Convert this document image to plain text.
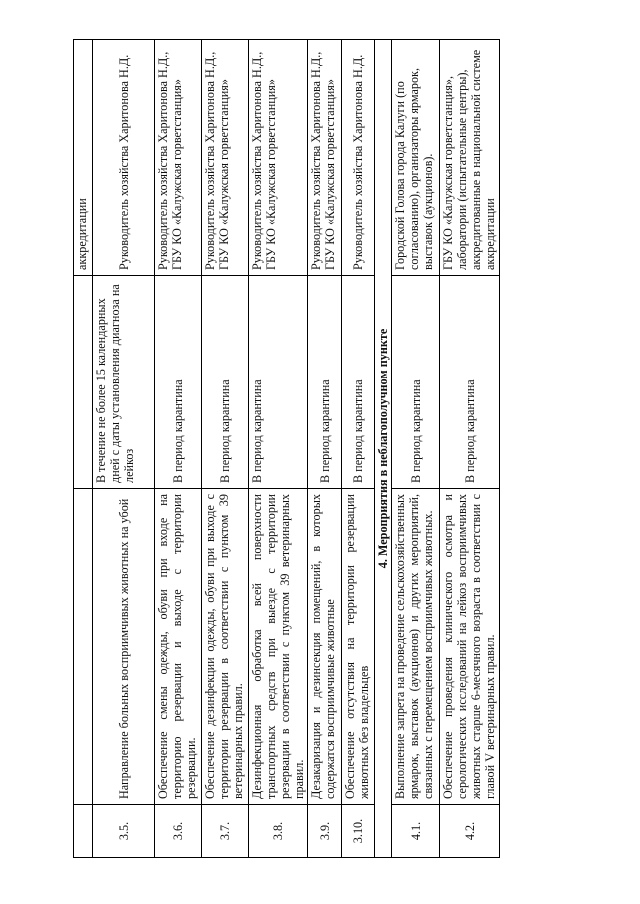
			аккредитации
3.5.	Направление больных восприимчивых животных на убой	В течение не более 15 календарных дней с даты установления диагноза на лейкоз	Руководитель хозяйства Харитонова Н.Д.
3.6.	Обеспечение смены одежды, обуви при входе на территорию резервации и выходе с территории резервации.	В период карантина	Руководитель хозяйства Харитонова Н.Д., ГБУ КО «Калужская горветстанция»
3.7.	Обеспечение дезинфекции одежды, обуви при выходе с территории резервации в соответствии с пунктом 39 ветеринарных правил.	В период карантина	Руководитель хозяйства Харитонова Н.Д., ГБУ КО «Калужская горветстанция»
3.8.	Дезинфекционная обработка всей поверхности транспортных средств при выезде с территории резервации в соответствии с пунктом 39 ветеринарных правил.	В период карантина	Руководитель хозяйства Харитонова Н.Д., ГБУ КО «Калужская горветстанция»
3.9.	Дезакаризация и дезинсекция помещений, в которых содержатся восприимчивые животные	В период карантина	Руководитель хозяйства Харитонова Н.Д., ГБУ КО «Калужская горветстанция»
3.10.	Обеспечение отсутствия на территории резервации животных без владельцев	В период карантина	Руководитель хозяйства Харитонова Н.Д.
4. Мероприятия в неблагополучном пункте			
4.1.	Выполнение запрета на проведение сельскохозяйственных ярмарок, выставок (аукционов) и других мероприятий, связанных с перемещением восприимчивых животных.	В период карантина	Городской Голова города Калуги (по согласованию), организаторы ярмарок, выставок (аукционов).
4.2.	Обеспечение проведения клинического осмотра и серологических исследований на лейкоз восприимчивых животных старше 6-месячного возраста в соответствии с главой V ветеринарных правил.	В период карантина	ГБУ КО «Калужская горветстанция», лаборатории (испытательные центры), аккредитованные в национальной системе аккредитации
